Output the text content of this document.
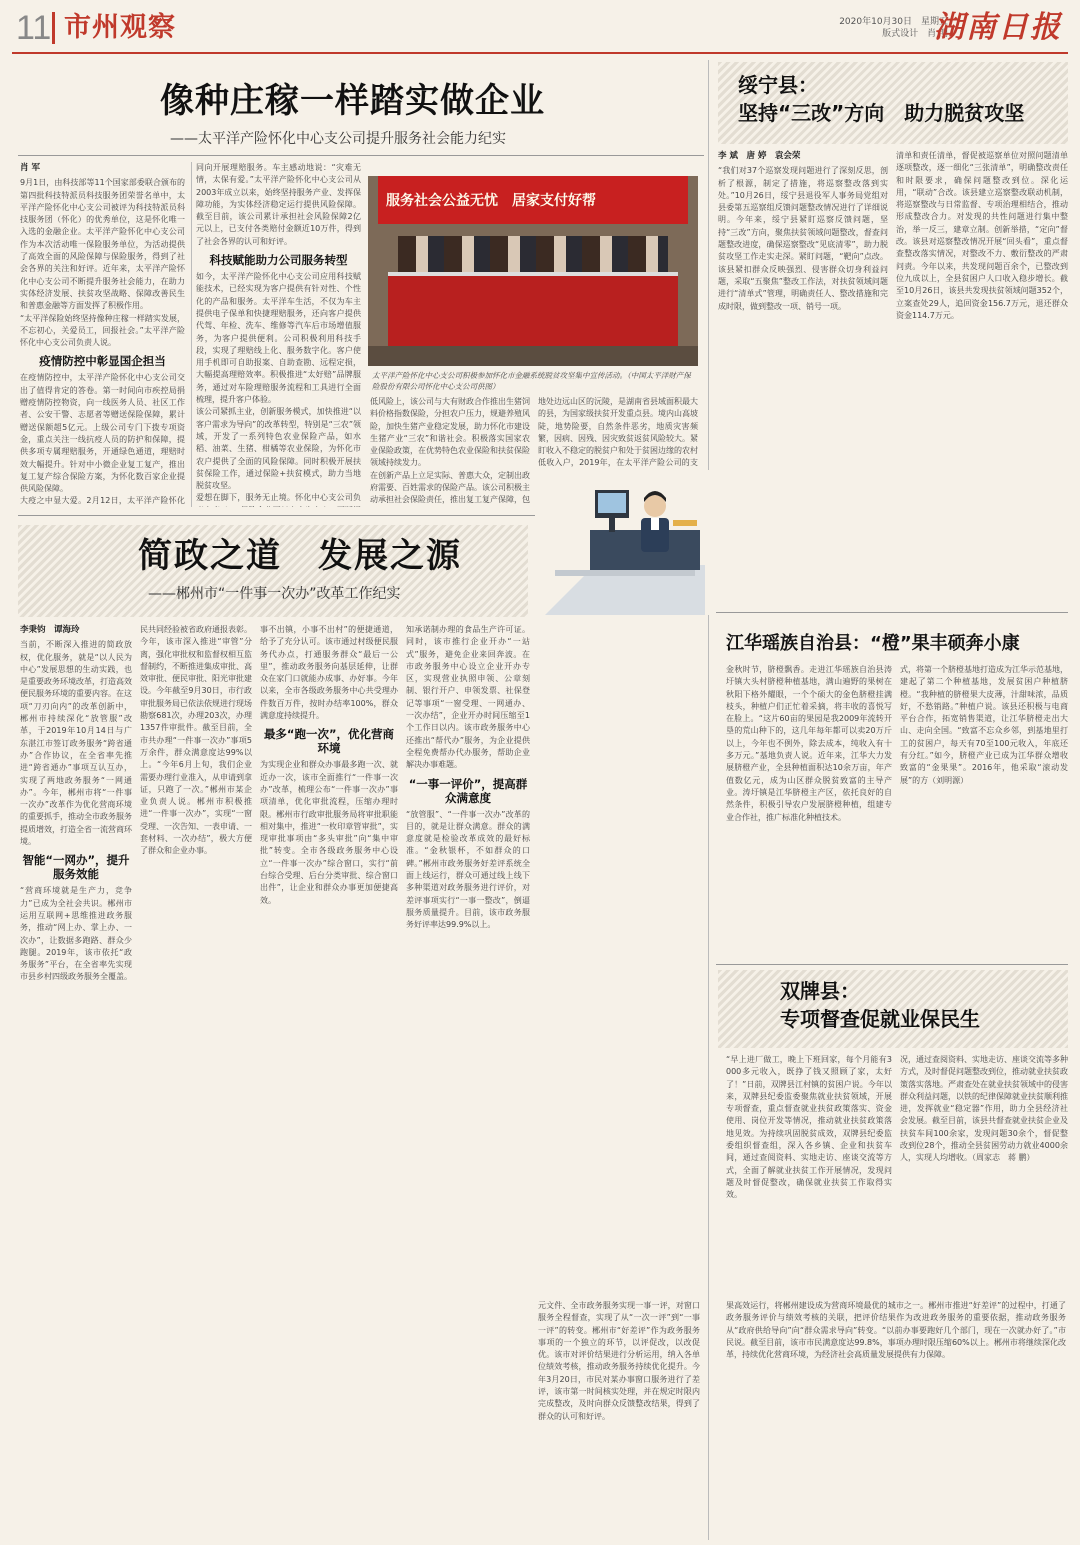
11 市州观察	2020年10月30日　星期五
版式设计　肖 明
湖南日报
像种庄稼一样踏实做企业
——太平洋产险怀化中心支公司提升服务社会能力纪实
肖 军

9月1日，由科技部等11个国家部委联合颁布的第四批科技特派员科技服务团荣誉名单中，太平洋产险怀化中心支公司被评为科技特派员科技服务团（怀化）的优秀单位，这是怀化唯一入选的金融企业。太平洋产险怀化中心支公司作为本次活动唯一保险服务单位，为活动提供了高效全面的风险保障与保险服务，得到了社会各界的关注和好评。近年来，太平洋产险怀化中心支公司不断提升服务社会能力，在助力实体经济发展、扶贫攻坚战略、保障改善民生和普惠金融等方面发挥了积极作用。

“太平洋保险始终坚持像种庄稼一样踏实发展，不忘初心，关爱员工，回报社会。”太平洋产险怀化中心支公司负责人说。

疫情防控中彰显国企担当

在疫情防控中，太平洋产险怀化中心支公司交出了值得肯定的答卷。第一时间向市疾控局捐赠疫情防控物资，向一线医务人员、社区工作者、公安干警、志愿者等赠送保险保障，累计赠送保额超5亿元。上级公司专门下拨专项资金，重点关注一线抗疫人员的防护和保障，提供多项专属理赔服务，开通绿色通道，理赔时效大幅提升。针对中小微企业复工复产，推出复工复产综合保险方案，为怀化数百家企业提供风险保障。

大疫之中显大爱。2月12日，太平洋产险怀化

同向开展理赔服务。车主感动地说：“灾难无情，太保有爱。”太平洋产险怀化中心支公司从2003年成立以来，始终坚持服务产业、发挥保障功能，为实体经济稳定运行提供风险保障。截至目前，该公司累计承担社会风险保障2亿元以上，已支付各类赔付金额近10万件，得到了社会各界的认可和好评。

科技赋能助力公司服务转型

如今，太平洋产险怀化中心支公司应用科技赋能技术，已经实现为客户提供有针对性、个性化的产品和服务。太平洋车生活，不仅为车主提供电子保单和快捷理赔服务，还向客户提供代驾、年检、洗车、维修等汽车后市场增值服务，为客户提供便利。公司积极利用科技手段，实现了理赔线上化、服务数字化。客户使用手机即可自助报案、自助查勘、远程定损，大幅提高理赔效率。积极推进“太好赔”品牌服务，通过对车险理赔服务流程和工具进行全面梳理，提升客户体验。

该公司紧抓主业，创新服务模式，加快推进“以客户需求为导向”的改革转型，特别是“三农”领域，开发了一系列特色农业保险产品，如水稻、油菜、生猪、柑橘等农业保险，为怀化市农户提供了全面的风险保障。同时积极开展扶贫保险工作，通过保险+扶贫模式，助力当地脱贫攻坚。

爱想在脚下，服务无止境。怀化中心支公司负

服务社会公益无忧　居家支付好帮
太平洋产险怀化中心支公司积极参加怀化市金融系统脱贫攻坚集中宣传活动。（中国太平洋财产保险股份有限公司怀化中心支公司供图）

低风险上，该公司与大有财政合作推出生猪饲料价格指数保险，分担农户压力，规避养殖风险，加快生猪产业稳定发展，助力怀化市建设生猪产业“三农”和谐社会。积极落实国家农业保险政策，在优势特色农业保险和扶贫保险领域持续发力。

在创新产品上立足实际、普惠大众，定制出政府需要、百姓需求的保险产品。该公司积极主动承担社会保险责任，推出复工复产保障，包

地处边远山区的沅陵，是湖南省县域面积最大的县，为国家级扶贫开发重点县。境内山高坡陡，地势险要，自然条件恶劣，地质灾害频繁，因病、因残、因灾致贫返贫风险较大。紧盯收入不稳定的脱贫户和处于贫困边缘的农村低收入户，2019年，在太平洋产险公司的支

绥宁县：
坚持“三改”方向　助力脱贫攻坚
李 斌　唐 婷　袁会荣

“我们对37个巡察发现问题进行了深刻反思，剖析了根源，制定了措施，将巡察整改落到实处。”10月26日，绥宁县退役军人事务局党组对县委第五巡察组反馈问题整改情况进行了详细说明。今年来，绥宁县紧盯巡察反馈问题，坚持“三改”方向，聚焦扶贫领域问题整改，督查问题整改进度，确保巡察整改“见底清零”，助力脱贫攻坚工作走实走深。紧盯问题，“靶向”点改。该县紧扣群众反映强烈、侵害群众切身利益问题，采取“五聚焦”整改工作法，对扶贫领域问题进行“清单式”管理，明确责任人、整改措施和完成时限，做到整改一项、销号一项。

清单和责任清单，督促被巡察单位对照问题清单逐项整改，逐一细化“三张清单”，明确整改责任和时限要求，确保问题整改到位。深化运用，“联动”合改。该县建立巡察整改联动机制，将巡察整改与日常监督、专项治理相结合，推动形成整改合力。对发现的共性问题进行集中整治，举一反三，建章立制。创新举措，“定向”督改。该县对巡察整改情况开展“回头看”，重点督查整改落实情况，对整改不力、敷衍整改的严肃问责。今年以来，共发现问题百余个，已整改到位九成以上，全县贫困户人口收入稳步增长。截至10月26日，该县共发现扶贫领域问题352个，立案查处29人，追回资金156.7万元，退还群众资金114.7万元。

江华瑶族自治县：“橙”果丰硕奔小康

金秋时节，脐橙飘香。走进江华瑶族自治县涛圩镇大头村脐橙种植基地，满山遍野的果树在秋阳下格外耀眼，一个个硕大的金色脐橙挂满枝头，种植户们正忙着采摘，将丰收的喜悦写在脸上。“这片60亩的果园是我2009年流转开垦的荒山种下的，这几年每年都可以卖20万斤以上，今年也不例外，除去成本，纯收入有十多万元。”基地负责人说。近年来，江华大力发展脐橙产业，全县种植面积达10余万亩，年产值数亿元，成为山区群众脱贫致富的主导产业。涛圩镇是江华脐橙主产区，依托良好的自然条件，积极引导农户发展脐橙种植，组建专业合作社，推广标准化种植技术。

式，将第一个脐橙基地打造成为江华示范基地，建起了第二个种植基地，发展贫困户种植脐橙。“我种植的脐橙果大皮薄，汁甜味浓，品质好，不愁销路。”种植户说。该县还积极与电商平台合作，拓宽销售渠道，让江华脐橙走出大山、走向全国。“致富不忘众乡邻，到基地里打工的贫困户，每天有70至100元收入，年底还有分红。”如今，脐橙产业已成为江华群众增收致富的“金果果”。2016年，他采取“滚动发展”的方（刘明源）

双牌县：
专项督查促就业保民生

“早上进厂做工，晚上下班回家，每个月能有3000多元收入，既挣了钱又照顾了家，太好了！”日前，双牌县江村镇的贫困户说。今年以来，双牌县纪委监委聚焦就业扶贫领域，开展专项督查，重点督查就业扶贫政策落实、资金使用、岗位开发等情况，推动就业扶贫政策落地见效。为持续巩固脱贫成效，双牌县纪委监委组织督查组，深入各乡镇、企业和扶贫车间，通过查阅资料、实地走访、座谈交流等方式，全面了解就业扶贫工作开展情况，发现问题及时督促整改，确保就业扶贫工作取得实效。

况，通过查阅资料、实地走访、座谈交流等多种方式，及时督促问题整改到位，推动就业扶贫政策落实落地。严肃查处在就业扶贫领域中的侵害群众利益问题，以铁的纪律保障就业扶贫顺利推进，发挥就业“稳定器”作用，助力全县经济社会发展。截至目前，该县共督查就业扶贫企业及扶贫车间100余家，发现问题30余个，督促整改到位28个，推动全县贫困劳动力就业4000余人，实现人均增收。（周家志　蒋 鹏）

简政之道　发展之源
——郴州市“一件事一次办”改革工作纪实
李秉钧　谭海玲

当前，不断深入推进的简政放权，优化服务，就是“以人民为中心”发展思想的生动实践，也是重要政务环境改革，打造高效便民服务环境的重要内容。在这项“刀刃向内”的改革创新中，郴州市持续深化“放管服”改革，于2019年10月14日与广东湛江市签订政务服务“跨省通办”合作协议，在全省率先推进“跨省通办”事项互认互办，实现了两地政务服务“一网通办”。今年，郴州市将“一件事一次办”改革作为优化营商环境的重要抓手，推动全市政务服务提质增效，打造全省一流营商环境。

智能“一网办”，提升服务效能

“营商环境就是生产力，竞争力”已成为全社会共识。郴州市运用互联网+思维推进政务服务，推动“网上办、掌上办、一次办”，让数据多跑路、群众少跑腿。2019年，该市依托“政务服务”平台，在全省率先实现市县乡村四级政务服务全覆盖。

民共同经验被省政府通报表彰。今年，该市深入推进“审管”分离，强化审批权和监督权相互监督制约，不断推进集成审批、高效审批、便民审批、阳光审批建设。今年截至9月30日，市行政审批服务局已依法依规进行现场勘察681次，办理203次，办理1357件审批件。截至目前，全市共办理“一件事一次办”事项5万余件，群众满意度达99%以上。“今年6月上旬，我们企业需要办理行业准入，从申请到拿证，只跑了一次。”郴州市某企业负责人说。郴州市积极推进“一件事一次办”，实现“一窗受理、一次告知、一表申请、一套材料、一次办结”，极大方便了群众和企业办事。

事不出镇，小事不出村”的便捷通道，给予了充分认可。该市通过村级便民服务代办点，打通服务群众“最后一公里”，推动政务服务向基层延伸，让群众在家门口就能办成事、办好事。今年以来，全市各级政务服务中心共受理办件数百万件，按时办结率100%，群众满意度持续提升。

最多“跑一次”，优化营商环境

为实现企业和群众办事最多跑一次、就近办一次，该市全面推行“一件事一次办”改革，梳理公布“一件事一次办”事项清单，优化审批流程，压缩办理时限。郴州市行政审批服务局将审批职能相对集中，推进“一枚印章管审批”，实现审批事项由“多头审批”向“集中审批”转变。全市各级政务服务中心设立“一件事一次办”综合窗口，实行“前台综合受理、后台分类审批、综合窗口出件”，让企业和群众办事更加便捷高效。

知承诺制办理的食品生产许可证。同时，该市推行企业开办“一站式”服务，避免企业来回奔波。在市政务服务中心设立企业开办专区，实现营业执照申领、公章刻制、银行开户、申领发票、社保登记等事项“一窗受理、一网通办、一次办结”，企业开办时间压缩至1个工作日以内。该市政务服务中心还推出“帮代办”服务，为企业提供全程免费帮办代办服务，帮助企业解决办事难题。

“一事一评价”，提高群众满意度

“放管服”、“一件事一次办”改革的目的，就是让群众满意。群众的满意度就是检验改革成效的最好标准。“金秋银杯，不如群众的口碑。”郴州市政务服务好差评系统全面上线运行，群众可通过线上线下多种渠道对政务服务进行评价，对差评事项实行“一事一整改”，倒逼服务质量提升。目前，该市政务服务好评率达99.9%以上。

元文件、全市政务服务实现一事一评，对窗口服务全程督查，实现了从“一次一评”到“一事一评”的转变。郴州市“好差评”作为政务服务事项的一个独立的环节，以评促改，以改促优。该市对评价结果进行分析运用，纳入各单位绩效考核，推动政务服务持续优化提升。今年3月20日，市民对某办事窗口服务进行了差评，该市第一时间核实处理，并在规定时限内完成整改，及时向群众反馈整改结果，得到了群众的认可和好评。

果高效运行，将郴州建设成为营商环境最优的城市之一。郴州市推进“好差评”的过程中，打通了政务服务评价与绩效考核的关联，把评价结果作为改进政务服务的重要依据，推动政务服务从“政府供给导向”向“群众需求导向”转变。“以前办事要跑好几个部门，现在一次就办好了。”市民说。截至目前，该市市民满意度达99.8%，事项办理时限压缩60%以上。郴州市将继续深化改革，持续优化营商环境，为经济社会高质量发展提供有力保障。
